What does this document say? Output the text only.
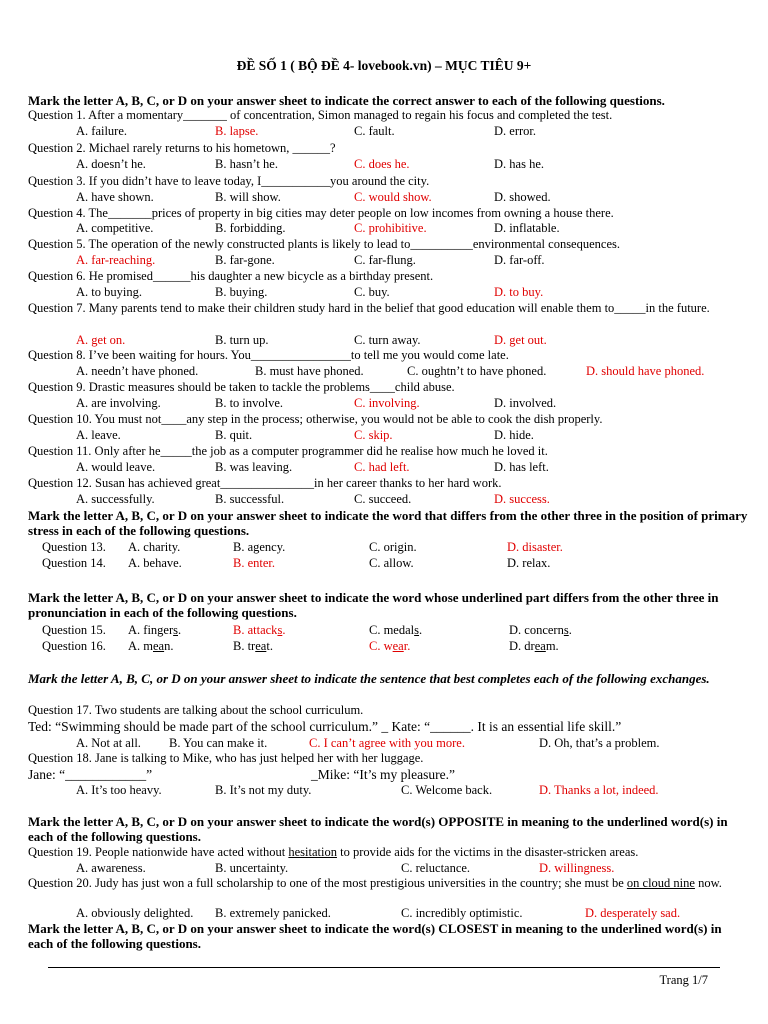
ĐỀ SỐ 1 ( BỘ ĐỀ 4- lovebook.vn) – MỤC TIÊU 9+
Mark the letter A, B, C, or D on your answer sheet to indicate the correct answer to each of the following questions.
Question 1. After a momentary_______ of concentration, Simon managed to regain his focus and completed the test.
A. failure.	B. lapse.	C. fault.	D. error.
Question 2. Michael rarely returns to his hometown, ______?
A. doesn’t he.	B. hasn’t he.	C. does he.	D. has he.
Question 3. If you didn’t have to leave today, I___________you around the city.
A. have shown.	B. will show.	C. would show.	D. showed.
Question 4. The_______prices of property in big cities may deter people on low incomes from owning a house there.
A. competitive.	B. forbidding.	C. prohibitive.	D. inflatable.
Question 5. The operation of the newly constructed plants is likely to lead to__________environmental consequences.
A. far-reaching.	B. far-gone.	C. far-flung.	D. far-off.
Question 6. He promised______his daughter a new bicycle as a birthday present.
A. to buying.	B. buying.	C. buy.	D. to buy.
Question 7. Many parents tend to make their children study hard in the belief that good education will enable them to_____in the future.
A. get on.	B. turn up.	C. turn away.	D. get out.
Question 8. I’ve been waiting for hours. You________________to tell me you would come late.
A. needn’t have phoned.	B. must have phoned.	C. oughtn’t to have phoned.	D. should have phoned.
Question 9. Drastic measures should be taken to tackle the problems____child abuse.
A. are involving.	B. to involve.	C. involving.	D. involved.
Question 10. You must not____any step in the process; otherwise, you would not be able to cook the dish properly.
A. leave.	B. quit.	C. skip.	D. hide.
Question 11. Only after he_____the job as a computer programmer did he realise how much he loved it.
A. would leave.	B. was leaving.	C. had left.	D. has left.
Question 12. Susan has achieved great_______________in her career thanks to her hard work.
A. successfully.	B. successful.	C. succeed.	D. success.
Mark the letter A, B, C, or D on your answer sheet to indicate the word that differs from the other three in the position of primary stress in each of the following questions.
Question 13. A. charity.	B. agency.	C. origin.	D. disaster.
Question 14. A. behave.	B. enter.	C. allow.	D. relax.
Mark the letter A, B, C, or D on your answer sheet to indicate the word whose underlined part differs from the other three in pronunciation in each of the following questions.
Question 15. A. fingers.	B. attacks.	C. medals.	D. concerns.
Question 16. A. mean.	B. treat.	C. wear.	D. dream.
Mark the letter A, B, C, or D on your answer sheet to indicate the sentence that best completes each of the following exchanges.
Question 17. Two students are talking about the school curriculum.
Ted: “Swimming should be made part of the school curriculum.” _ Kate: “______. It is an essential life skill.”
A. Not at all. B. You can make it.	C. I can’t agree with you more.	D. Oh, that’s a problem.
Question 18. Jane is talking to Mike, who has just helped her with her luggage.
Jane: “____________”	_Mike: “It’s my pleasure.”
A. It’s too heavy.	B. It’s not my duty.	C. Welcome back.	D. Thanks a lot, indeed.
Mark the letter A, B, C, or D on your answer sheet to indicate the word(s) OPPOSITE in meaning to the underlined word(s) in each of the following questions.
Question 19. People nationwide have acted without hesitation to provide aids for the victims in the disaster-stricken areas.
A. awareness.	B. uncertainty.	C. reluctance.	D. willingness.
Question 20. Judy has just won a full scholarship to one of the most prestigious universities in the country; she must be on cloud nine now.
A. obviously delighted. B. extremely panicked.	C. incredibly optimistic.	D. desperately sad.
Mark the letter A, B, C, or D on your answer sheet to indicate the word(s) CLOSEST in meaning to the underlined word(s) in each of the following questions.
Trang 1/7
